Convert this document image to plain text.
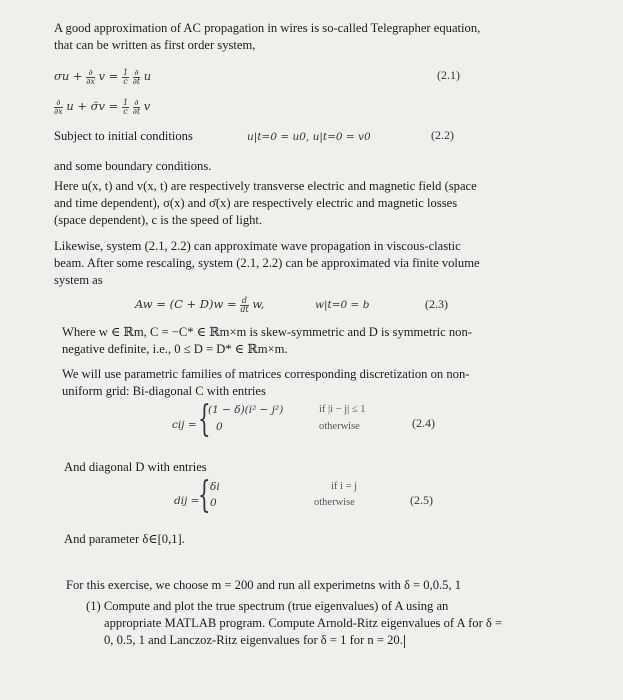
A good approximation of AC propagation in wires is so-called Telegrapher equation,
that can be written as first order system,
$\sigma u + \frac{\partial}{\partial x}$ $v = \frac{1}{c}$
$\frac{\partial}{\partial t}$ u	(2.1)
$\frac{\partial}{\partial x}$ u + σ̄v = $\frac{1}{c}$
$\frac{\partial}{\partial t}$ v
Subject to initial conditions	u|t=0 = u0, u|t=0 = v0	(2.2)
and some boundary conditions.
Here u(x, t) and v(x, t) are respectively transverse electric and magnetic field (space
and time dependent), σ(x) and σ̄(x) are respectively electric and magnetic losses
(space dependent), c is the speed of light.
Likewise, system (2.1, 2.2) can approximate wave propagation in viscous-clastic
beam. After some rescaling, system (2.1, 2.2) can be approximated via finite volume
system as
$Aw = (C + D)w = \frac{d}{dt} w$,	w|t=0 = b	(2.3)
Where w ∈ ℝm, C = −C* ∈ ℝm×m is skew-symmetric and D is symmetric non-
negative definite, i.e., 0 ≤ D = D* ∈ ℝm×m.
We will use parametric families of matrices corresponding discretization on non-
uniform grid: Bi-diagonal C with entries
cij = {
(1 − δ)(i² − j²)
0
if |i − j| ≤ 1
otherwise	(2.4)
And diagonal D with entries
dij =
{ δi
0
if i = j
otherwise	(2.5)
And parameter δ∈[0,1].
For this exercise, we choose m = 200 and run all experimetns with δ = 0,0.5, 1
(1) Compute and plot the true spectrum (true eigenvalues) of A using an
appropriate MATLAB program. Compute Arnold-Ritz eigenvalues of A for δ =
0, 0.5, 1 and Lanczoz-Ritz eigenvalues for δ = 1 for n = 20.
